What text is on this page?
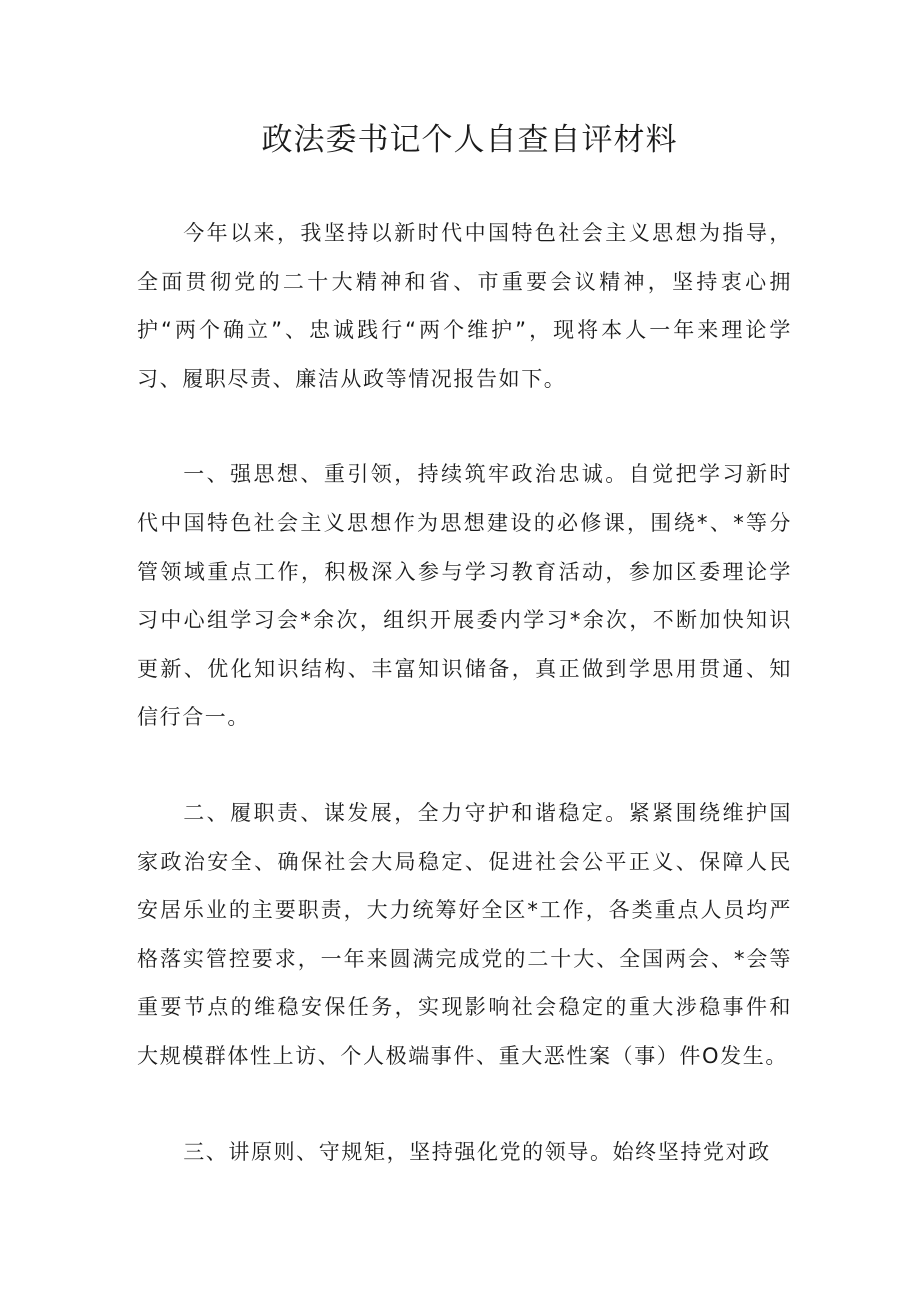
政法委书记个人自查自评材料

今年以来，我坚持以新时代中国特色社会主义思想为指导，全面贯彻党的二十大精神和省、市重要会议精神，坚持衷心拥护“两个确立”、忠诚践行“两个维护”，现将本人一年来理论学习、履职尽责、廉洁从政等情况报告如下。

一、强思想、重引领，持续筑牢政治忠诚。自觉把学习新时代中国特色社会主义思想作为思想建设的必修课，围绕*、*等分管领域重点工作，积极深入参与学习教育活动，参加区委理论学习中心组学习会*余次，组织开展委内学习*余次，不断加快知识更新、优化知识结构、丰富知识储备，真正做到学思用贯通、知信行合一。

二、履职责、谋发展，全力守护和谐稳定。紧紧围绕维护国家政治安全、确保社会大局稳定、促进社会公平正义、保障人民安居乐业的主要职责，大力统筹好全区*工作，各类重点人员均严格落实管控要求，一年来圆满完成党的二十大、全国两会、*会等重要节点的维稳安保任务，实现影响社会稳定的重大涉稳事件和大规模群体性上访、个人极端事件、重大恶性案（事）件O发生。

三、讲原则、守规矩，坚持强化党的领导。始终坚持党对政
